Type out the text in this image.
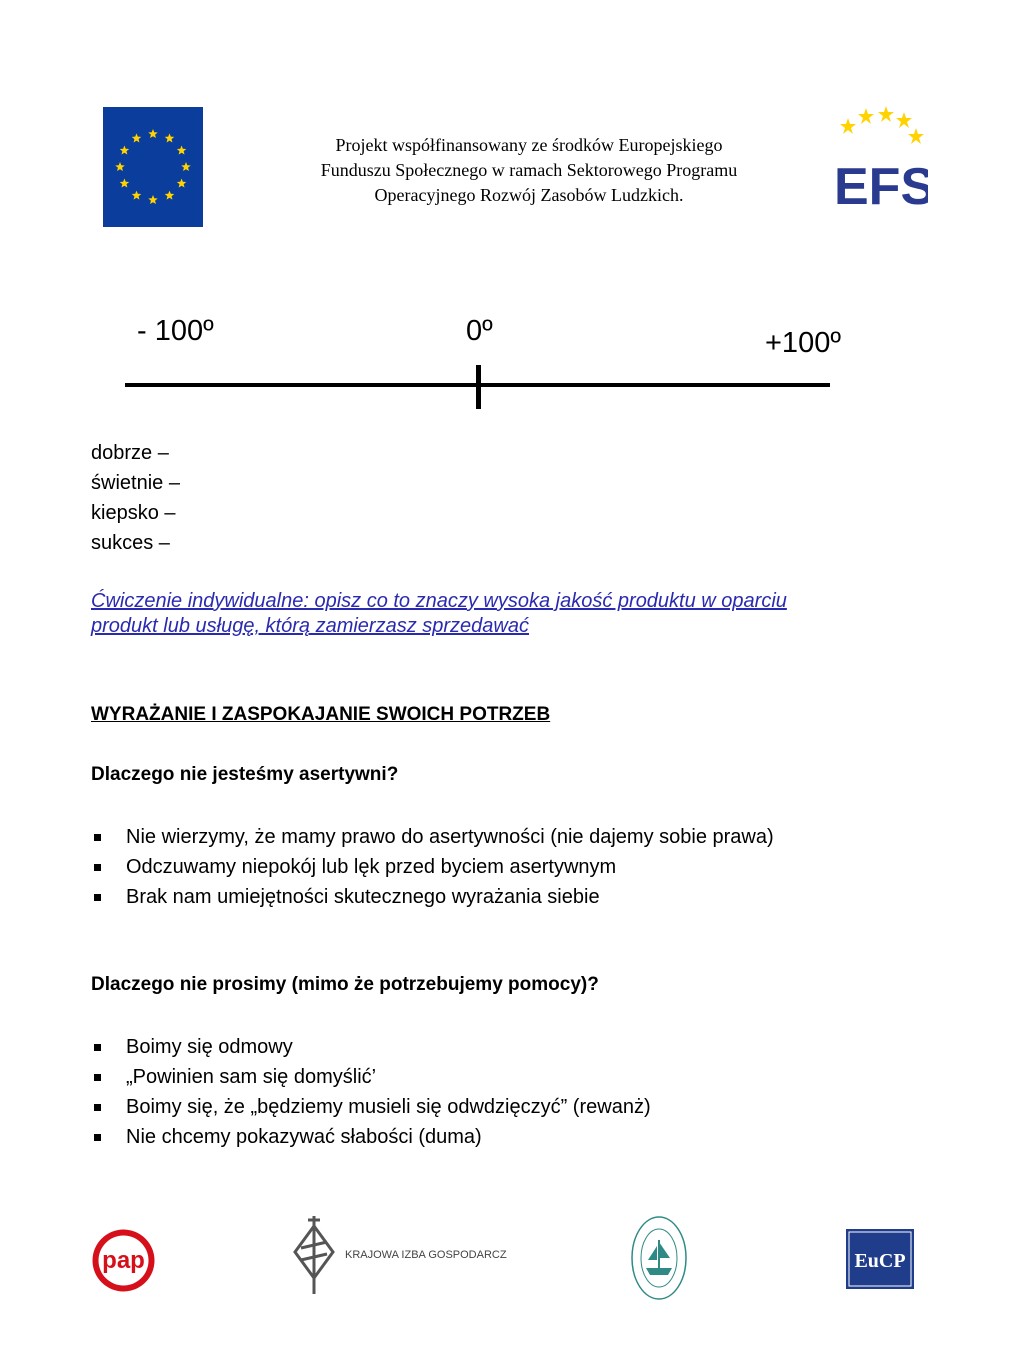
Projekt współfinansowany ze środków Europejskiego
Funduszu Społecznego w ramach Sektorowego Programu
Operacyjnego Rozwój Zasobów Ludzkich.	EFS
- 100º	0º	+100º
dobrze –
świetnie –
kiepsko –
sukces –
Ćwiczenie indywidualne: opisz co to znaczy wysoka jakość produktu w oparciu
produkt lub usługę, którą zamierzasz sprzedawać
WYRAŻANIE I ZASPOKAJANIE SWOICH POTRZEB
Dlaczego nie jesteśmy asertywni?
Nie wierzymy, że mamy prawo do asertywności (nie dajemy sobie prawa)
Odczuwamy niepokój lub lęk przed byciem asertywnym
Brak nam umiejętności skutecznego wyrażania siebie
Dlaczego nie prosimy (mimo że potrzebujemy pomocy)?
Boimy się odmowy
„Powinien sam się domyślić’
Boimy się, że „będziemy musieli się odwdzięczyć” (rewanż)
Nie chcemy pokazywać słabości (duma)
pap	KRAJOWA IZBA GOSPODARCZA	EuCP
